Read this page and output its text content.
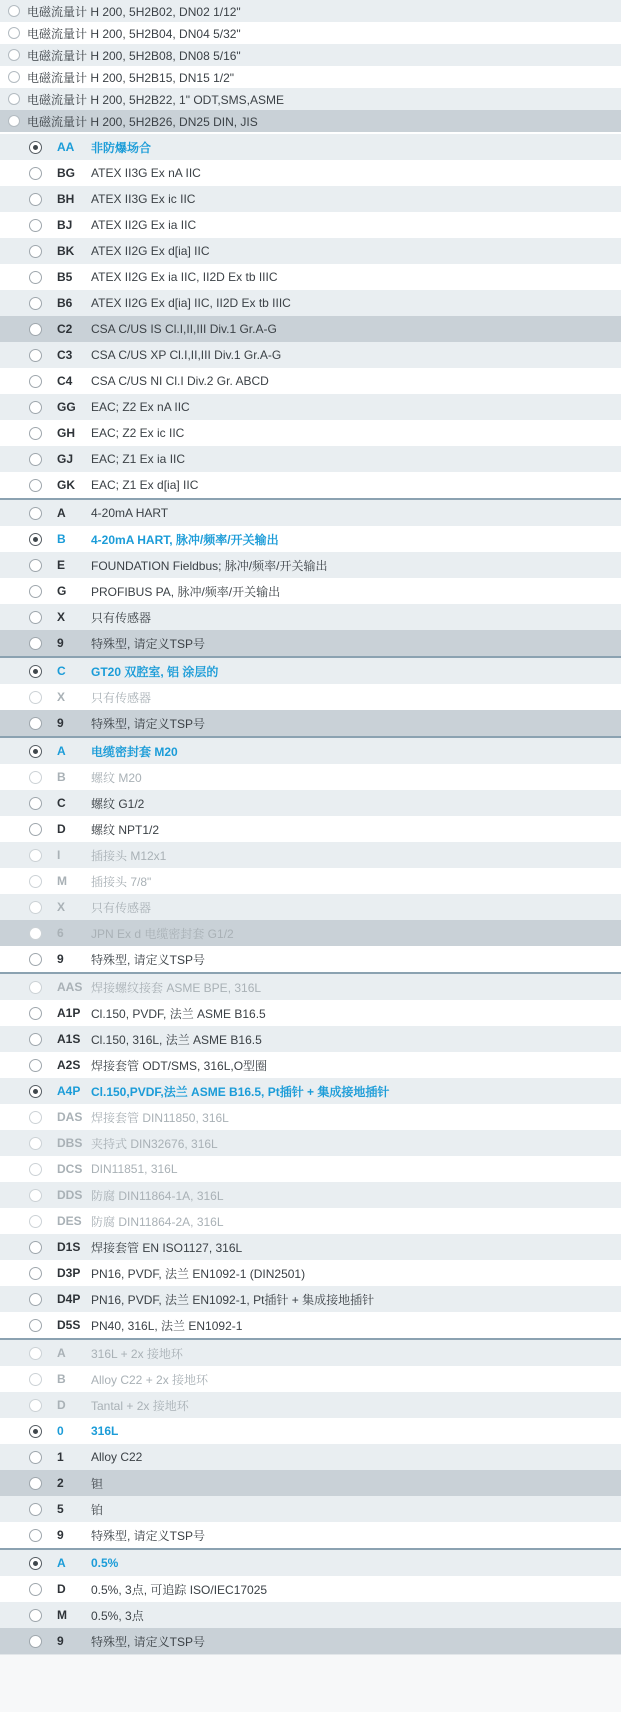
电磁流量计 H 200, 5H2B02, DN02 1/12"
电磁流量计 H 200, 5H2B04, DN04 5/32"
电磁流量计 H 200, 5H2B08, DN08 5/16"
电磁流量计 H 200, 5H2B15, DN15 1/2"
电磁流量计 H 200, 5H2B22, 1" ODT,SMS,ASME
电磁流量计 H 200, 5H2B26, DN25 DIN, JIS
AA	非防爆场合
BG	ATEX II3G Ex nA IIC
BH	ATEX II3G Ex ic IIC
BJ	ATEX II2G Ex ia IIC
BK	ATEX II2G Ex d[ia] IIC
B5	ATEX II2G Ex ia IIC, II2D Ex tb IIIC
B6	ATEX II2G Ex d[ia] IIC, II2D Ex tb IIIC
C2	CSA C/US IS Cl.I,II,III Div.1 Gr.A-G
C3	CSA C/US XP Cl.I,II,III Div.1 Gr.A-G
C4	CSA C/US NI Cl.I Div.2 Gr. ABCD
GG	EAC; Z2 Ex nA IIC
GH	EAC; Z2 Ex ic IIC
GJ	EAC; Z1 Ex ia IIC
GK	EAC; Z1 Ex d[ia] IIC
A	4-20mA HART
B	4-20mA HART, 脉冲/频率/开关输出
E	FOUNDATION Fieldbus; 脉冲/频率/开关输出
G	PROFIBUS PA, 脉冲/频率/开关输出
X	只有传感器
9	特殊型, 请定义TSP号
C	GT20 双腔室, 铝 涂层的
X	只有传感器
9	特殊型, 请定义TSP号
A	电缆密封套 M20
B	螺纹 M20
C	螺纹 G1/2
D	螺纹 NPT1/2
I	插接头 M12x1
M	插接头 7/8"
X	只有传感器
6	JPN Ex d 电缆密封套 G1/2
9	特殊型, 请定义TSP号
AAS 焊接螺纹接套 ASME BPE, 316L
A1P Cl.150, PVDF, 法兰 ASME B16.5
A1S Cl.150, 316L, 法兰 ASME B16.5
A2S 焊接套管 ODT/SMS, 316L,O型圈
A4P Cl.150,PVDF,法兰 ASME B16.5, Pt插针 + 集成接地插针
DAS 焊接套管 DIN11850, 316L
DBS 夹持式 DIN32676, 316L
DCS DIN11851, 316L
DDS 防腐 DIN11864-1A, 316L
DES 防腐 DIN11864-2A, 316L
D1S 焊接套管 EN ISO1127, 316L
D3P PN16, PVDF, 法兰 EN1092-1 (DIN2501)
D4P PN16, PVDF, 法兰 EN1092-1, Pt插针 + 集成接地插针
D5S PN40, 316L, 法兰 EN1092-1
A	316L + 2x 接地环
B	Alloy C22 + 2x 接地环
D	Tantal + 2x 接地环
0	316L
1	Alloy C22
2	钽
5	铂
9	特殊型, 请定义TSP号
A	0.5%
D	0.5%, 3点, 可追踪 ISO/IEC17025
M	0.5%, 3点
9	特殊型, 请定义TSP号
